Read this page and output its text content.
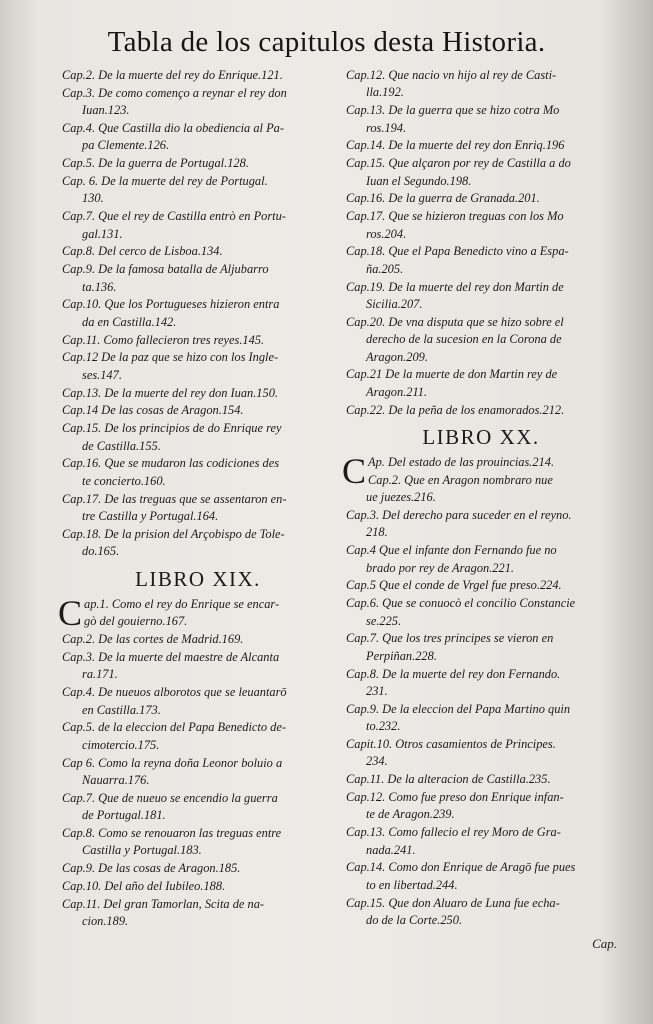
Tabla de los capitulos desta Historia.
Cap.2. De la muerte del rey do Enrique.121.
Cap.3. De como començo a reynar el rey don
Iuan.123.
Cap.4. Que Castilla dio la obediencia al Pa-
pa Clemente.126.
Cap.5. De la guerra de Portugal.128.
Cap. 6. De la muerte del rey de Portugal.
130.
Cap.7. Que el rey de Castilla entrò en Portu-
gal.131.
Cap.8. Del cerco de Lisboa.134.
Cap.9. De la famosa batalla de Aljubarro
ta.136.
Cap.10. Que los Portugueses hizieron entra
da en Castilla.142.
Cap.11. Como fallecieron tres reyes.145.
Cap.12 De la paz que se hizo con los Ingle-
ses.147.
Cap.13. De la muerte del rey don Iuan.150.
Cap.14 De las cosas de Aragon.154.
Cap.15. De los principios de do Enrique rey
de Castilla.155.
Cap.16. Que se mudaron las codiciones des
te concierto.160.
Cap.17. De las treguas que se assentaron en-
tre Castilla y Portugal.164.
Cap.18. De la prision del Arçobispo de Tole-
do.165.
LIBRO XIX.
C ap.1. Como el rey do Enrique se encar-
gò del gouierno.167.
Cap.2. De las cortes de Madrid.169.
Cap.3. De la muerte del maestre de Alcanta
ra.171.
Cap.4. De nueuos alborotos que se leuantarō
en Castilla.173.
Cap.5. de la eleccion del Papa Benedicto de-
cimotercio.175.
Cap 6. Como la reyna doña Leonor boluio a
Nauarra.176.
Cap.7. Que de nueuo se encendio la guerra
de Portugal.181.
Cap.8. Como se renouaron las treguas entre
Castilla y Portugal.183.
Cap.9. De las cosas de Aragon.185.
Cap.10. Del año del Iubileo.188.
Cap.11. Del gran Tamorlan, Scita de na-
cion.189.
Cap.12. Que nacio vn hijo al rey de Casti-
lla.192.
Cap.13. De la guerra que se hizo cotra Mo
ros.194.
Cap.14. De la muerte del rey don Enriq.196
Cap.15. Que alçaron por rey de Castilla a do
Iuan el Segundo.198.
Cap.16. De la guerra de Granada.201.
Cap.17. Que se hizieron treguas con los Mo
ros.204.
Cap.18. Que el Papa Benedicto vino a Espa-
ña.205.
Cap.19. De la muerte del rey don Martin de
Sicilia.207.
Cap.20. De vna disputa que se hizo sobre el
derecho de la sucesion en la Corona de
Aragon.209.
Cap.21 De la muerte de don Martin rey de
Aragon.211.
Cap.22. De la peña de los enamorados.212.
LIBRO XX.
C Ap. Del estado de las prouincias.214.
Cap.2. Que en Aragon nombraro nue
ue juezes.216.
Cap.3. Del derecho para suceder en el reyno.
218.
Cap.4 Que el infante don Fernando fue no
brado por rey de Aragon.221.
Cap.5 Que el conde de Vrgel fue preso.224.
Cap.6. Que se conuocò el concilio Constancie
se.225.
Cap.7. Que los tres principes se vieron en
Perpiñan.228.
Cap.8. De la muerte del rey don Fernando.
231.
Cap.9. De la eleccion del Papa Martino quin
to.232.
Capit.10. Otros casamientos de Principes.
234.
Cap.11. De la alteracion de Castilla.235.
Cap.12. Como fue preso don Enrique infan-
te de Aragon.239.
Cap.13. Como fallecio el rey Moro de Gra-
nada.241.
Cap.14. Como don Enrique de Aragō fue pues
to en libertad.244.
Cap.15. Que don Aluaro de Luna fue echa-
do de la Corte.250.
Cap.
